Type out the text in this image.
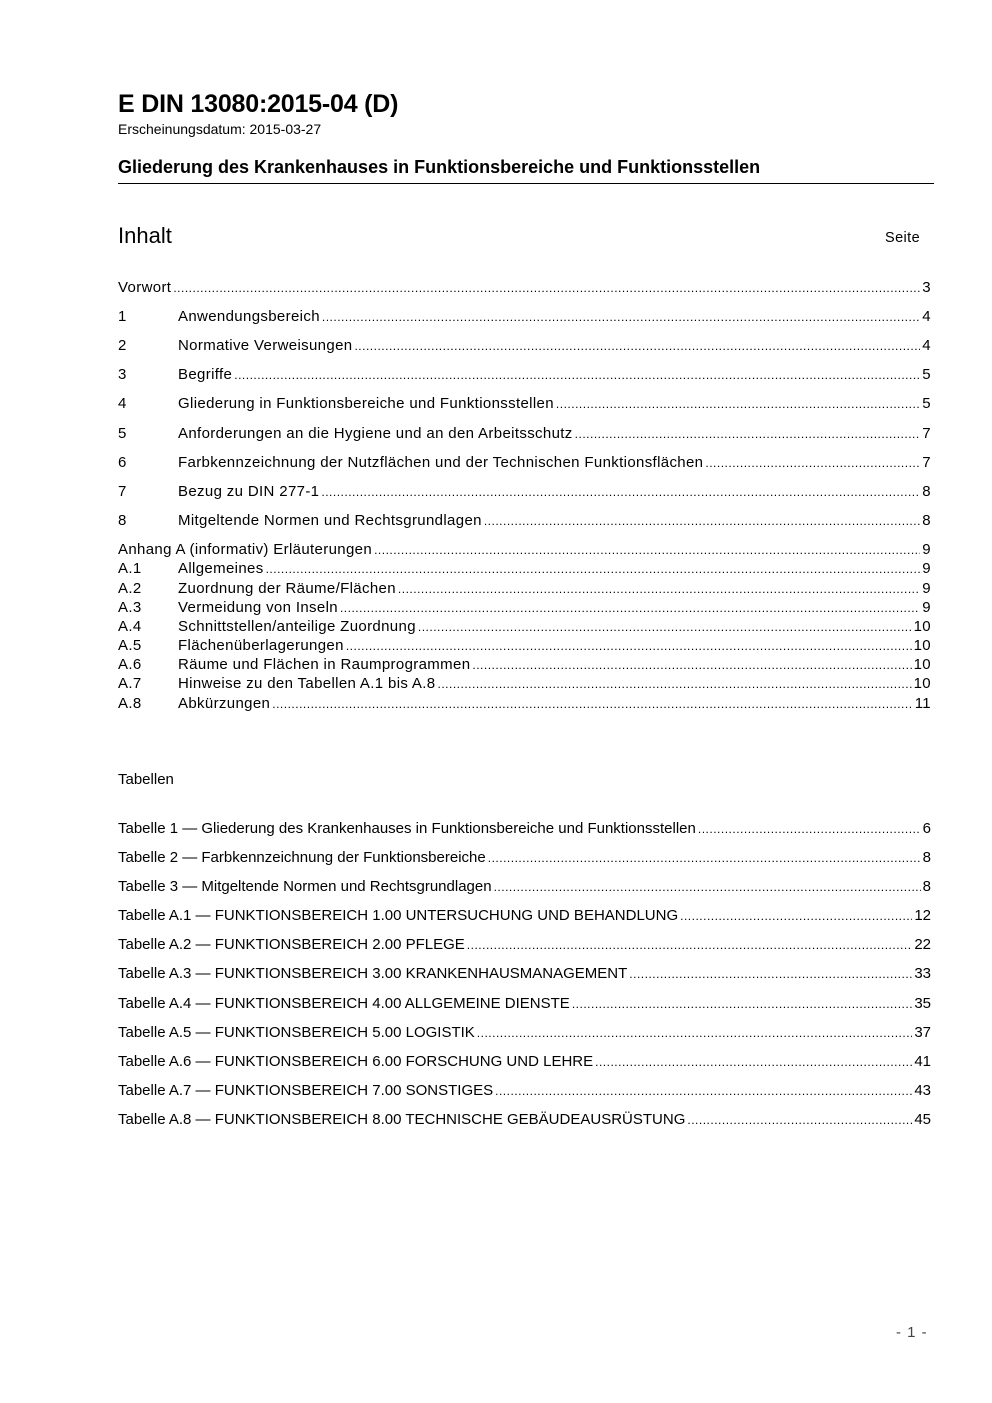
E DIN 13080:2015-04 (D)
Erscheinungsdatum: 2015-03-27
Gliederung des Krankenhauses in Funktionsbereiche und Funktionsstellen
Inhalt	Seite
Vorwort .....	3
1	Anwendungsbereich .....	4
2	Normative Verweisungen .....	4
3	Begriffe .....	5
4	Gliederung in Funktionsbereiche und Funktionsstellen .....	5
5	Anforderungen an die Hygiene und an den Arbeitsschutz .....	7
6	Farbkennzeichnung der Nutzflächen und der Technischen Funktionsflächen .....	7
7	Bezug zu DIN 277-1 .....	8
8	Mitgeltende Normen und Rechtsgrundlagen .....	8
Anhang A (informativ) Erläuterungen .....	9
A.1	Allgemeines .....	9
A.2	Zuordnung der Räume/Flächen .....	9
A.3	Vermeidung von Inseln .....	9
A.4	Schnittstellen/anteilige Zuordnung .....	10
A.5	Flächenüberlagerungen .....	10
A.6	Räume und Flächen in Raumprogrammen .....	10
A.7	Hinweise zu den Tabellen A.1 bis A.8 .....	10
A.8	Abkürzungen .....	11
Tabellen
Tabelle 1 — Gliederung des Krankenhauses in Funktionsbereiche und Funktionsstellen .....	6
Tabelle 2 — Farbkennzeichnung der Funktionsbereiche .....	8
Tabelle 3 — Mitgeltende Normen und Rechtsgrundlagen .....	8
Tabelle A.1 — FUNKTIONSBEREICH 1.00 UNTERSUCHUNG UND BEHANDLUNG .....	12
Tabelle A.2 — FUNKTIONSBEREICH 2.00 PFLEGE .....	22
Tabelle A.3 — FUNKTIONSBEREICH 3.00 KRANKENHAUSMANAGEMENT .....	33
Tabelle A.4 — FUNKTIONSBEREICH 4.00 ALLGEMEINE DIENSTE .....	35
Tabelle A.5 — FUNKTIONSBEREICH 5.00 LOGISTIK .....	37
Tabelle A.6 — FUNKTIONSBEREICH 6.00 FORSCHUNG UND LEHRE .....	41
Tabelle A.7 — FUNKTIONSBEREICH 7.00 SONSTIGES .....	43
Tabelle A.8 — FUNKTIONSBEREICH 8.00 TECHNISCHE GEBÄUDEAUSRÜSTUNG .....	45
- 1 -
